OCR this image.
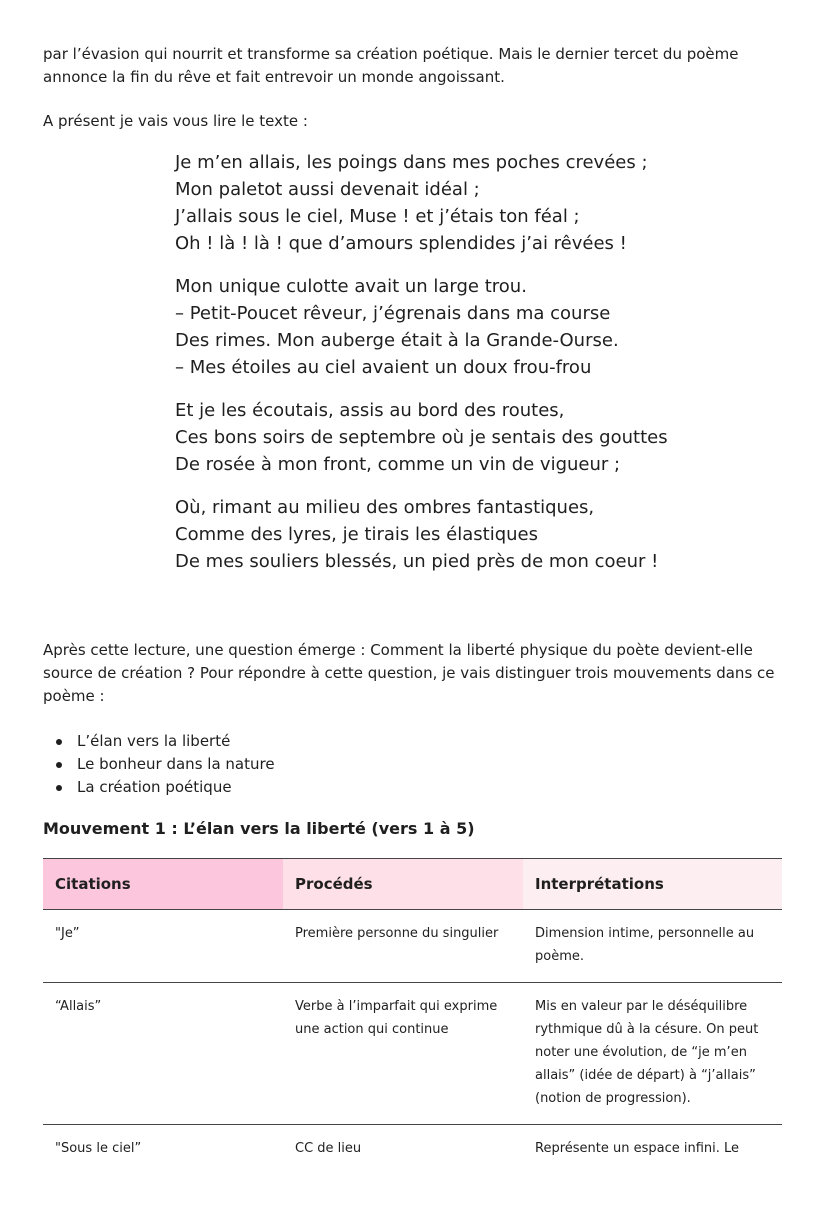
par l’évasion qui nourrit et transforme sa création poétique. Mais le dernier tercet du poème annonce la fin du rêve et fait entrevoir un monde angoissant.

A présent je vais vous lire le texte :

Je m’en allais, les poings dans mes poches crevées ;
Mon paletot aussi devenait idéal ;
J’allais sous le ciel, Muse ! et j’étais ton féal ;
Oh ! là ! là ! que d’amours splendides j’ai rêvées !
Mon unique culotte avait un large trou.
– Petit-Poucet rêveur, j’égrenais dans ma course
Des rimes. Mon auberge était à la Grande-Ourse.
– Mes étoiles au ciel avaient un doux frou-frou
Et je les écoutais, assis au bord des routes,
Ces bons soirs de septembre où je sentais des gouttes
De rosée à mon front, comme un vin de vigueur ;
Où, rimant au milieu des ombres fantastiques,
Comme des lyres, je tirais les élastiques
De mes souliers blessés, un pied près de mon coeur !

Après cette lecture, une question émerge : Comment la liberté physique du poète devient-elle source de création ? Pour répondre à cette question, je vais distinguer trois mouvements dans ce poème :

L’élan vers la liberté
Le bonheur dans la nature
La création poétique
Mouvement 1 : L’élan vers la liberté (vers 1 à 5)
Citations	Procédés	Interprétations
"Je”	Première personne du singulier	Dimension intime, personnelle au poème.
“Allais”	Verbe à l’imparfait qui exprime une action qui continue	Mis en valeur par le déséquilibre rythmique dû à la césure. On peut noter une évolution, de “je m’en allais” (idée de départ) à “j’allais” (notion de progression).
"Sous le ciel”	CC de lieu	Représente un espace infini. Le
